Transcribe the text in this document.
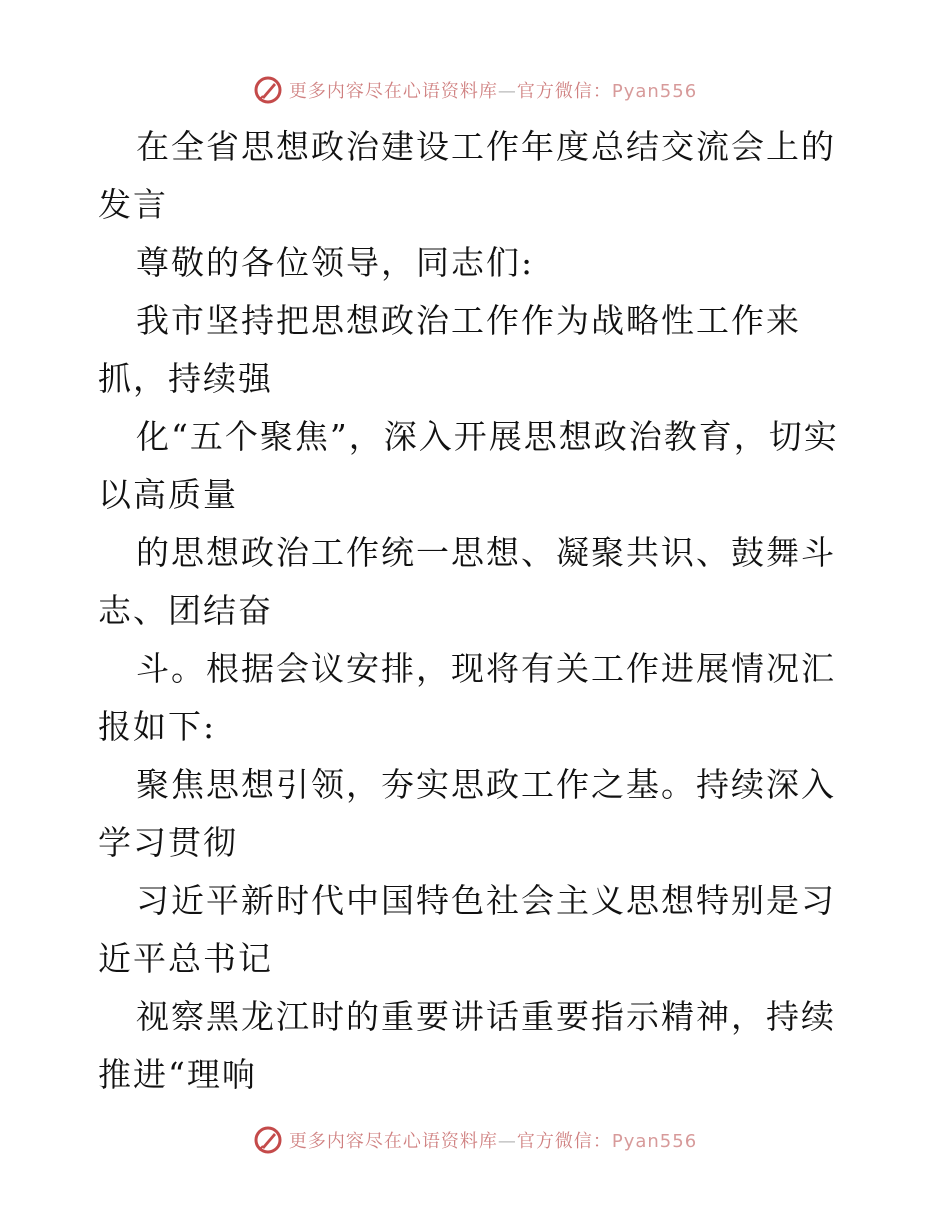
更多内容尽在心语资料库—官方微信：Pyan556

在全省思想政治建设工作年度总结交流会上的发言

尊敬的各位领导，同志们:

我市坚持把思想政治工作作为战略性工作来抓，持续强

化“五个聚焦”，深入开展思想政治教育，切实以高质量

的思想政治工作统一思想、凝聚共识、鼓舞斗志、团结奋

斗。根据会议安排，现将有关工作进展情况汇报如下:

聚焦思想引领，夯实思政工作之基。持续深入学习贯彻

习近平新时代中国特色社会主义思想特别是习近平总书记

视察黑龙江时的重要讲话重要指示精神，持续推进“理响

更多内容尽在心语资料库—官方微信：Pyan556
